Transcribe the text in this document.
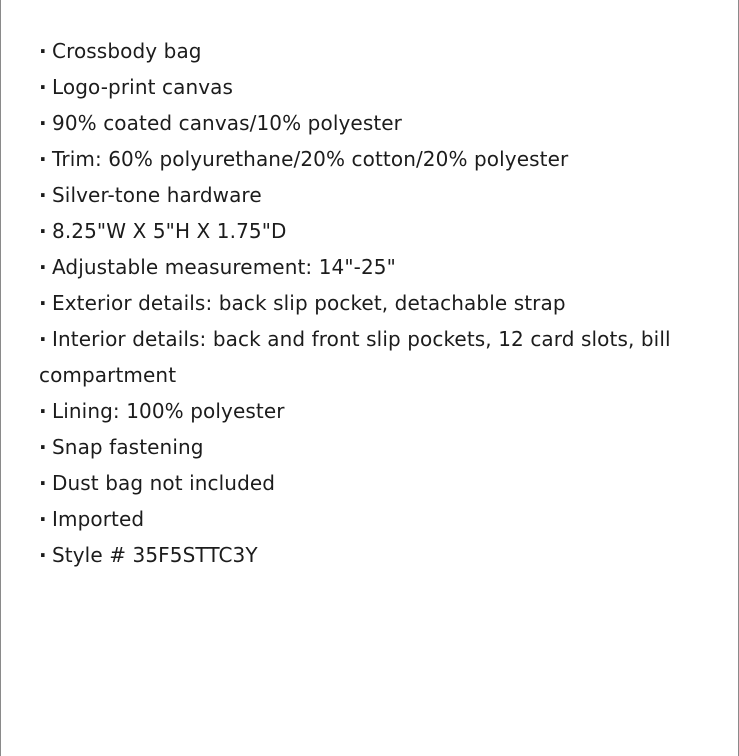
· Crossbody bag
· Logo-print canvas
· 90% coated canvas/10% polyester
· Trim: 60% polyurethane/20% cotton/20% polyester
· Silver-tone hardware
· 8.25"W X 5"H X 1.75"D
· Adjustable measurement: 14"-25"
· Exterior details: back slip pocket, detachable strap
· Interior details: back and front slip pockets, 12 card slots, bill compartment
· Lining: 100% polyester
· Snap fastening
· Dust bag not included
· Imported
· Style # 35F5STTC3Y
